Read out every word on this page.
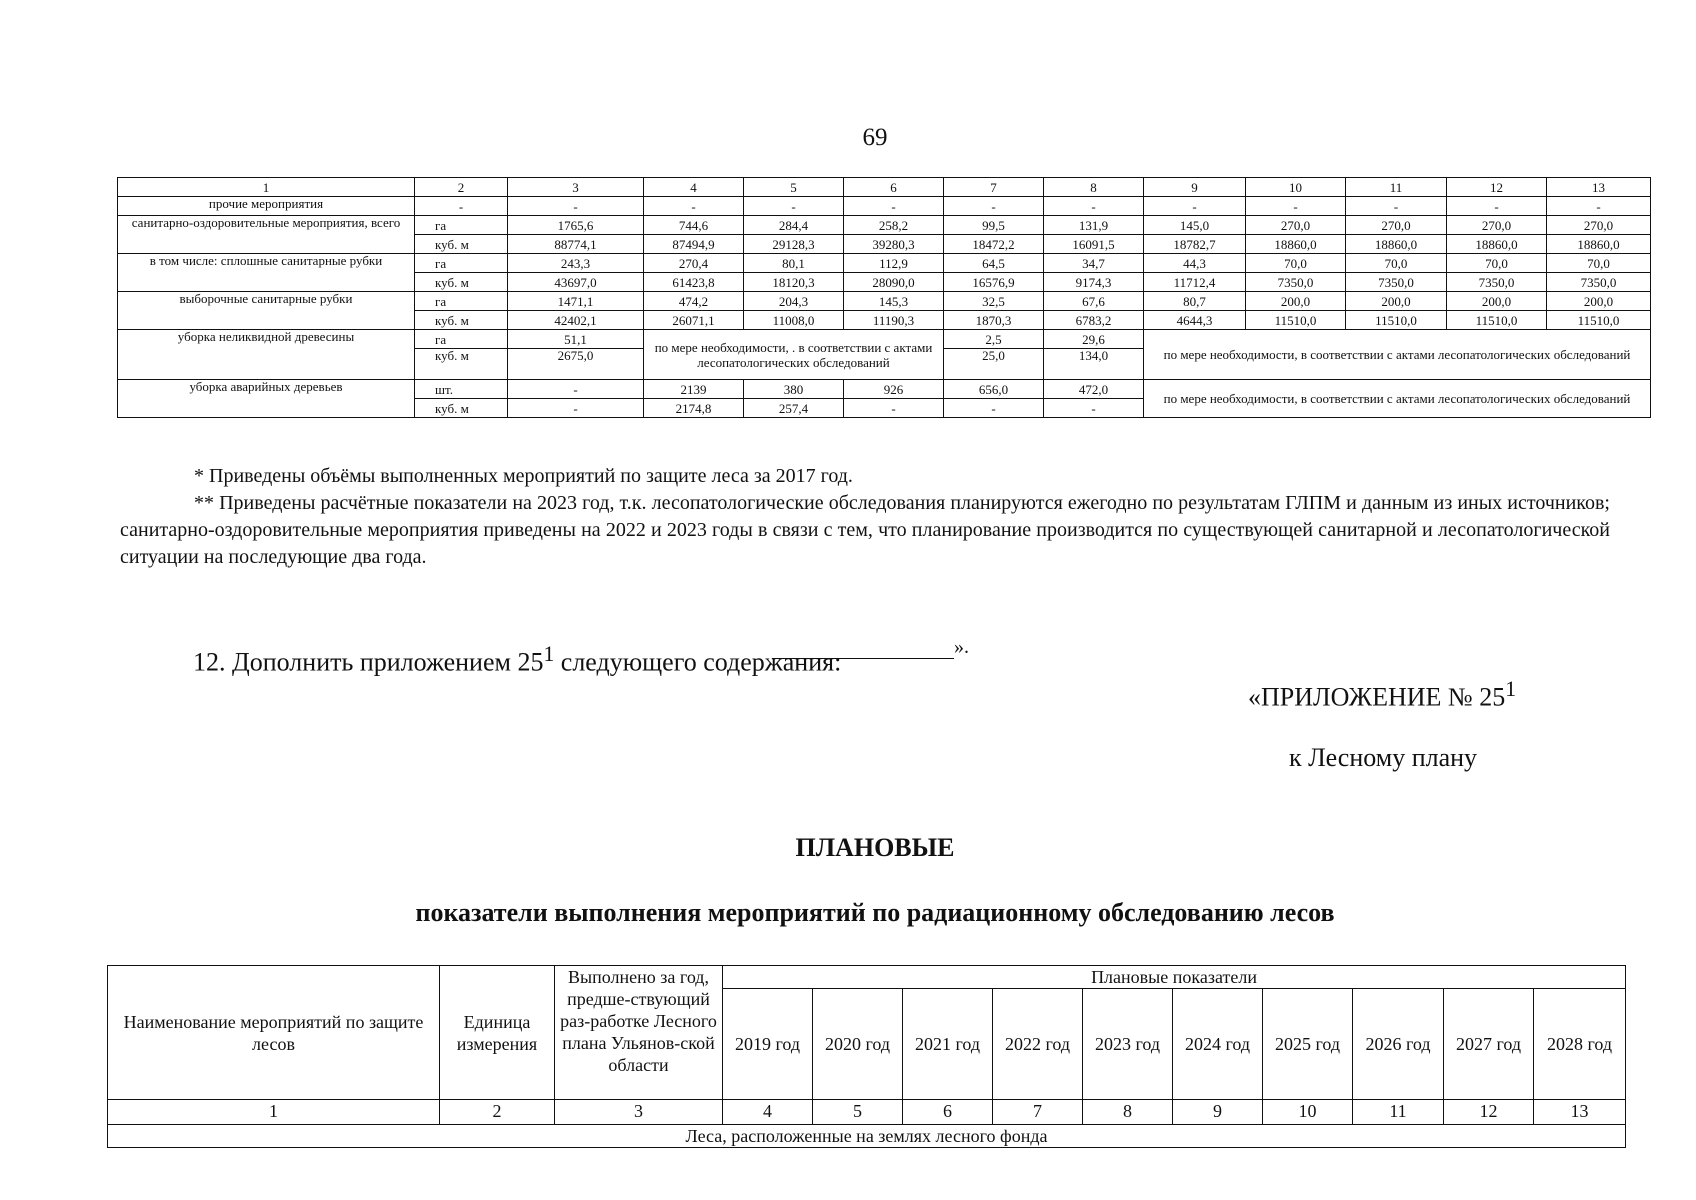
69
1	2	3	4	5	6	7	8	9	10	11	12	13
прочие мероприятия	-	-	-	-	-	-	-	-	-	-	-	-
санитарно-оздоровительные мероприятия, всего	га	1765,6	744,6	284,4	258,2	99,5	131,9	145,0	270,0	270,0	270,0	270,0
	куб. м	88774,1	87494,9	29128,3	39280,3	18472,2	16091,5	18782,7	18860,0	18860,0	18860,0	18860,0
в том числе: сплошные санитарные рубки	га	243,3	270,4	80,1	112,9	64,5	34,7	44,3	70,0	70,0	70,0	70,0
	куб. м	43697,0	61423,8	18120,3	28090,0	16576,9	9174,3	11712,4	7350,0	7350,0	7350,0	7350,0
выборочные санитарные рубки	га	1471,1	474,2	204,3	145,3	32,5	67,6	80,7	200,0	200,0	200,0	200,0
	куб. м	42402,1	26071,1	11008,0	11190,3	1870,3	6783,2	4644,3	11510,0	11510,0	11510,0	11510,0
уборка неликвидной древесины	га	51,1	по мере необходимости, . в соответствии с актами лесопатологических обследований			2,5	29,6	по мере необходимости, в соответствии с актами лесопатологических обследований				
	куб. м	2675,0				25,0	134,0					
уборка аварийных деревьев	шт.	-	2139	380	926	656,0	472,0	по мере необходимости, в соответствии с актами лесопатологических обследований				
	куб. м	-	2174,8	257,4	-	-	-					

* Приведены объёмы выполненных мероприятий по защите леса за 2017 год.

** Приведены расчётные показатели на 2023 год, т.к. лесопатологические обследования планируются ежегодно по результатам ГЛПМ и данным из иных источников; санитарно-оздоровительные мероприятия приведены на 2022 и 2023 годы в связи с тем, что планирование производится по существующей санитарной и лесопатологической ситуации на последующие два года.

».
12. Дополнить приложением $25^1$ следующего содержания:
«ПРИЛОЖЕНИЕ № $25^1$
к Лесному плану
ПЛАНОВЫЕ
показатели выполнения мероприятий по радиационному обследованию лесов
Наименование мероприятий по защите лесов	Единица измерения	Выполнено за год, предше-ствующий раз-работке Лесного плана Ульянов-ской области	Плановые показатели									
			2019 год	2020 год	2021 год	2022 год	2023 год	2024 год	2025 год	2026 год	2027 год	2028 год
1	2	3	4	5	6	7	8	9	10	11	12	13
Леса, расположенные на землях лесного фонда												
